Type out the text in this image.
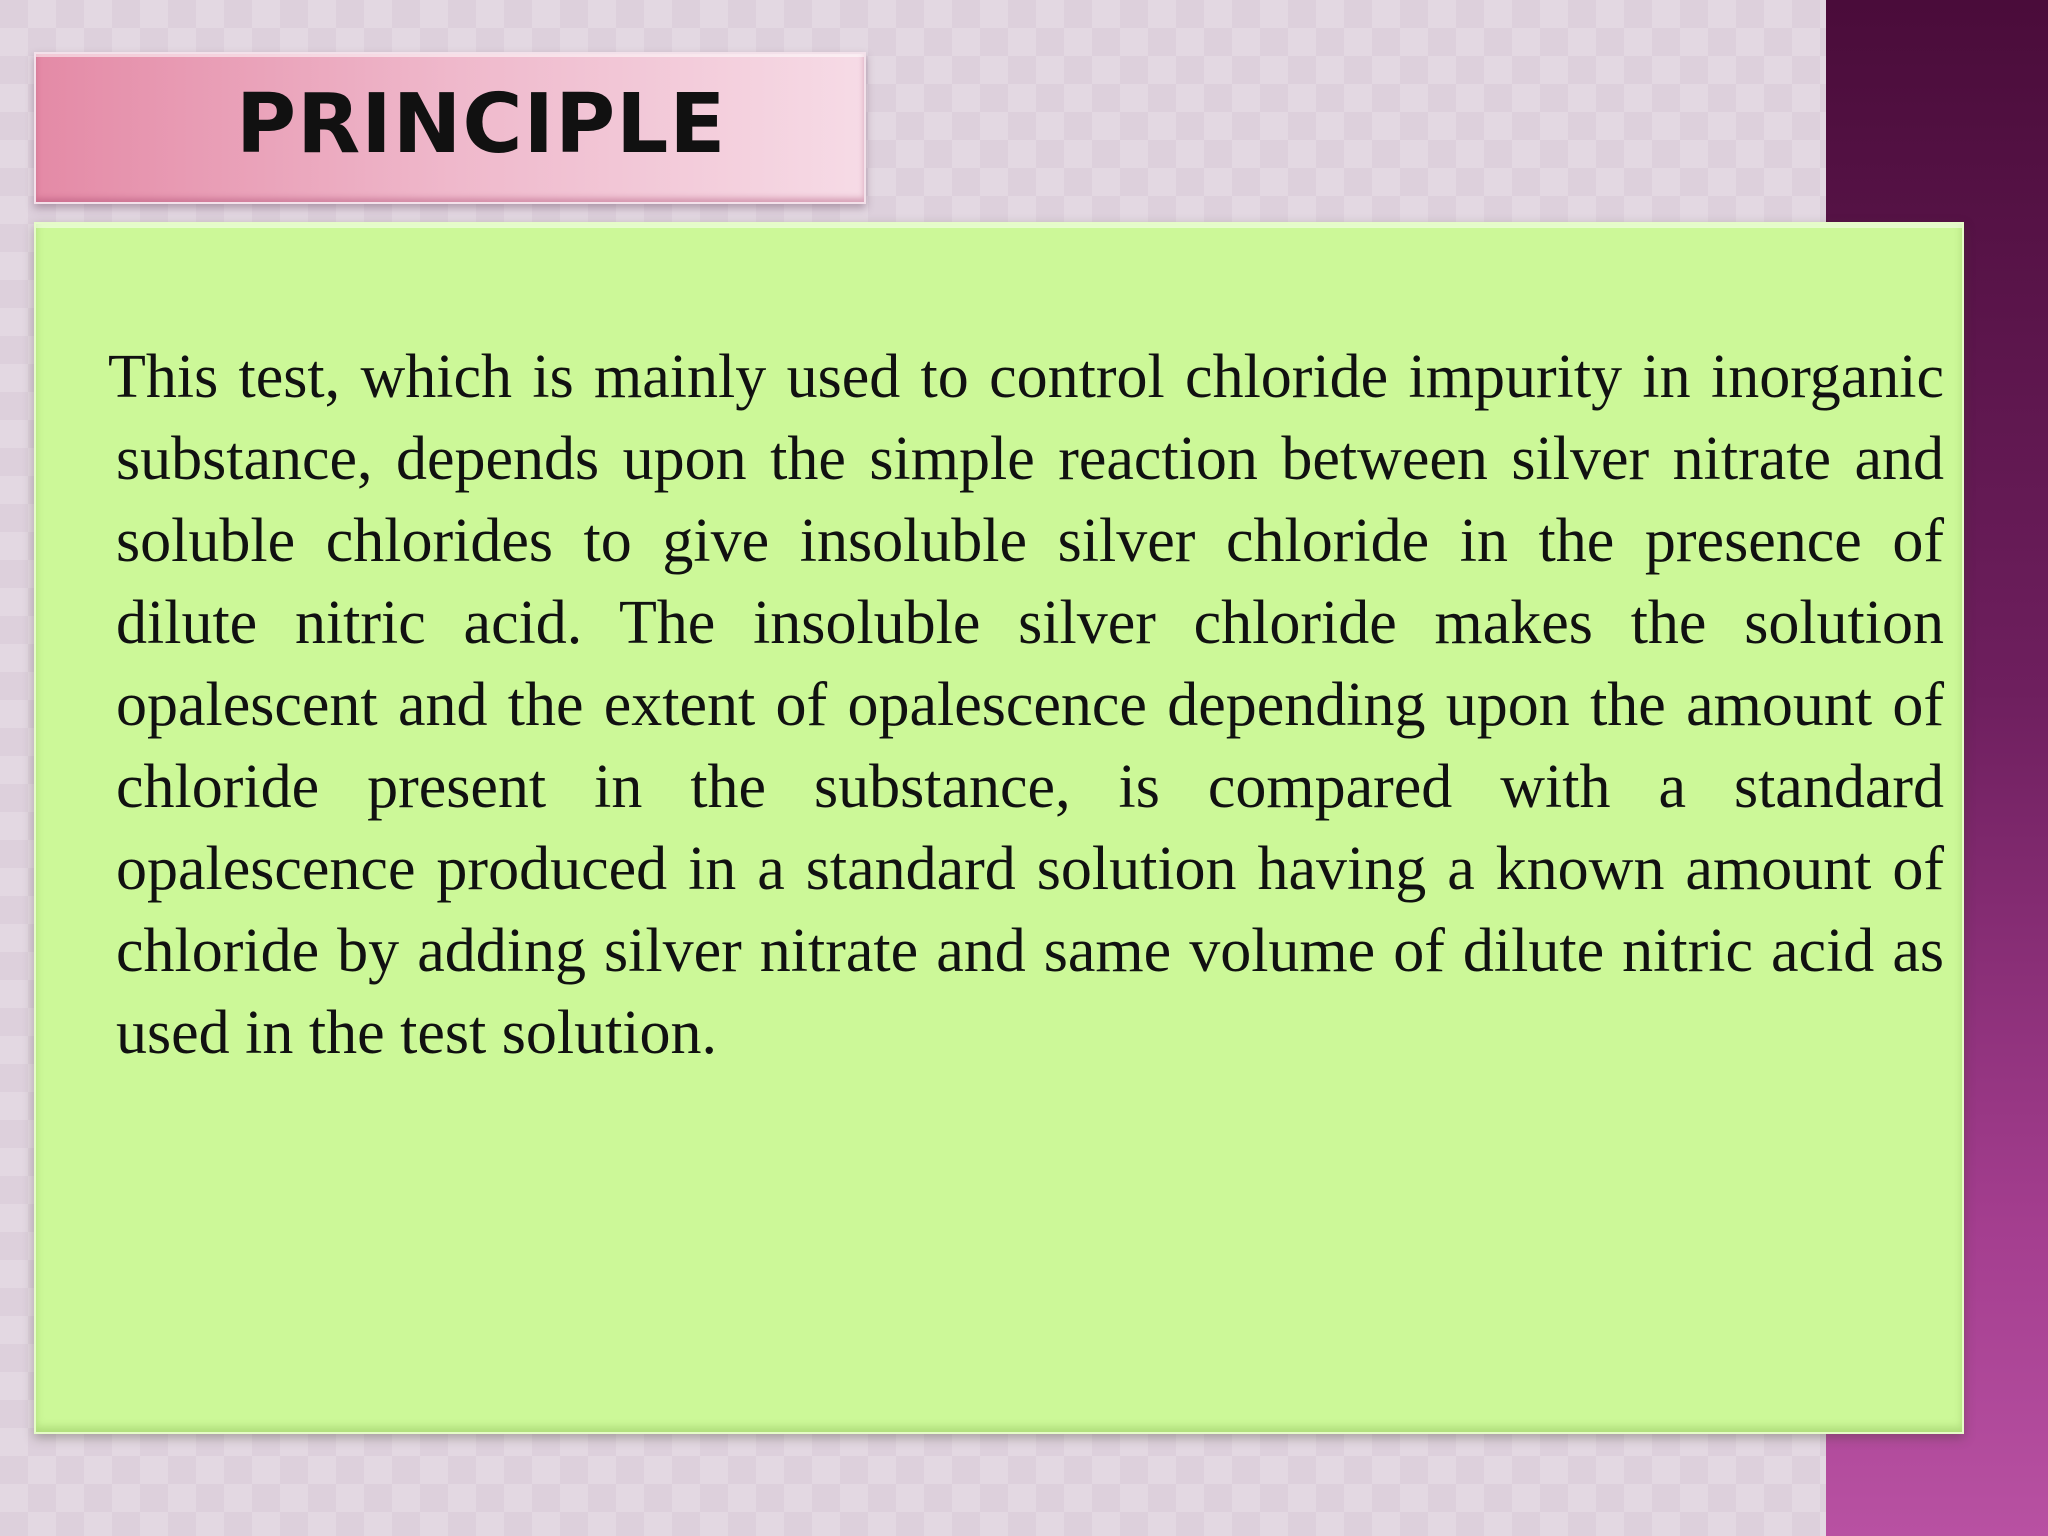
PRINCIPLE

This test, which is mainly used to control chloride impurity in inorganic substance, depends upon the simple reaction between silver nitrate and soluble chlorides to give insoluble silver chloride in the presence of dilute nitric acid. The insoluble silver chloride makes the solution opalescent and the extent of opalescence depending upon the amount of chloride present in the substance, is compared with a standard opalescence produced in a standard solution having a known amount of chloride by adding silver nitrate and same volume of dilute nitric acid as used in the test solution.
